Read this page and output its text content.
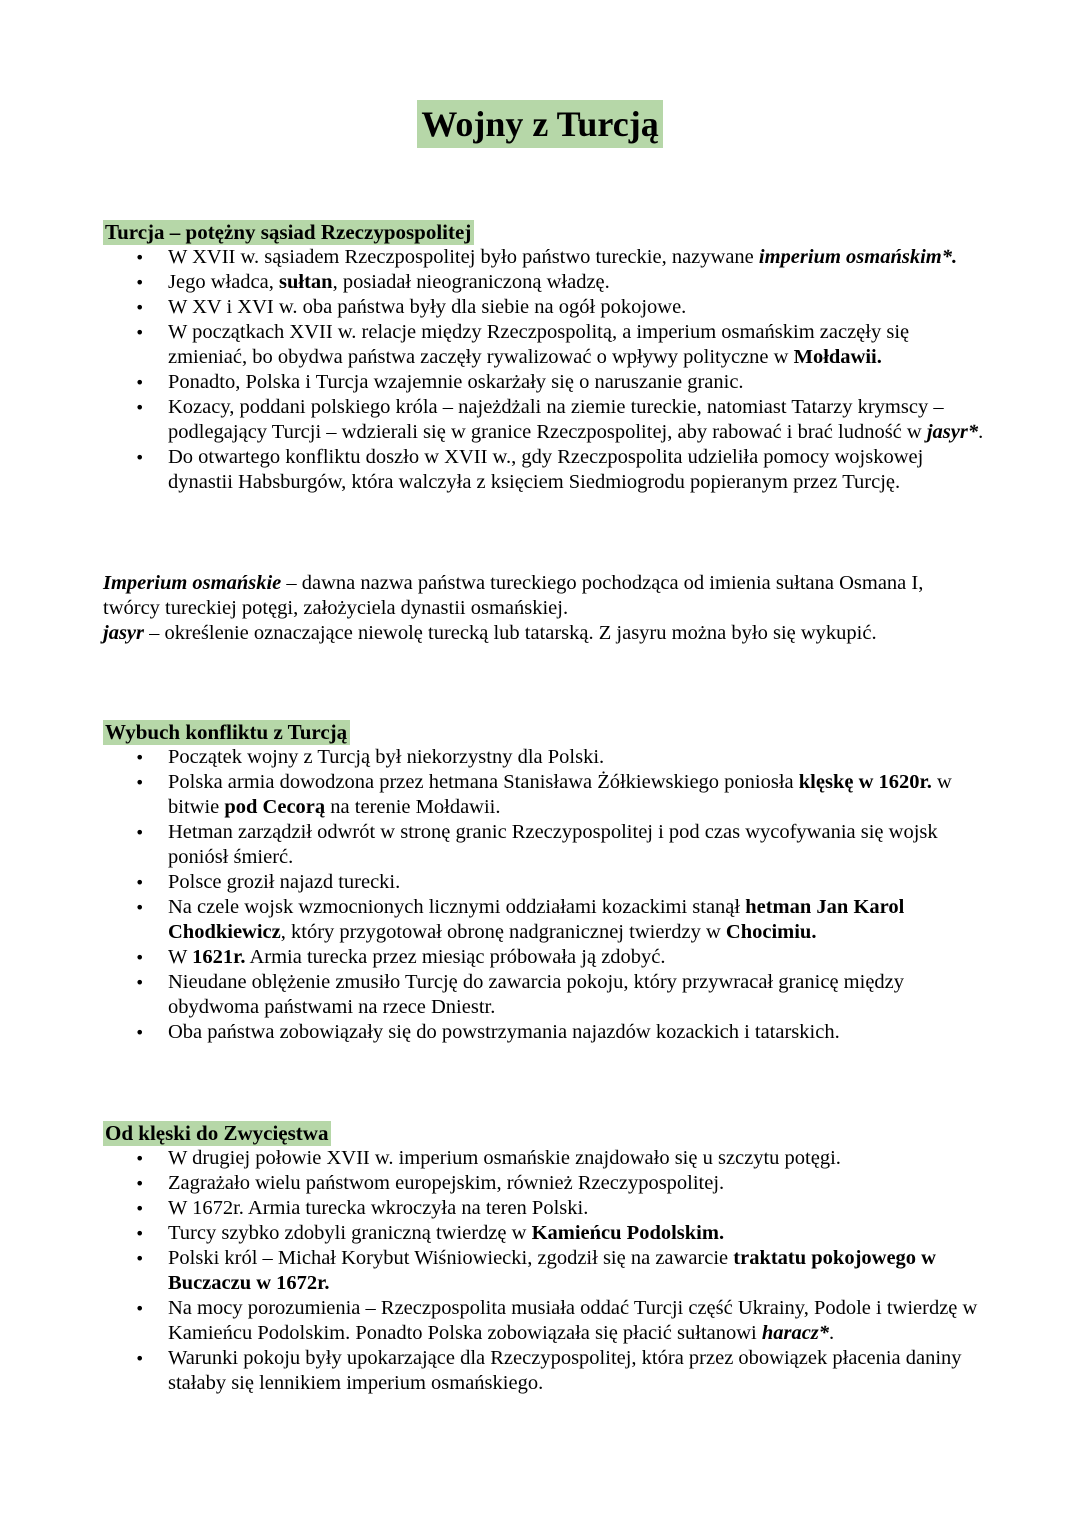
Wojny z Turcją
Turcja – potężny sąsiad Rzeczypospolitej
• W XVII w. sąsiadem Rzeczpospolitej było państwo tureckie, nazywane imperium osmańskim*.
• Jego władca, sułtan, posiadał nieograniczoną władzę.
• W XV i XVI w. oba państwa były dla siebie na ogół pokojowe.
• W początkach XVII w. relacje między Rzeczpospolitą, a imperium osmańskim zaczęły się zmieniać, bo obydwa państwa zaczęły rywalizować o wpływy polityczne w Mołdawii.
• Ponadto, Polska i Turcja wzajemnie oskarżały się o naruszanie granic.
• Kozacy, poddani polskiego króla – najeżdżali na ziemie tureckie, natomiast Tatarzy krymscy – podlegający Turcji – wdzierali się w granice Rzeczpospolitej, aby rabować i brać ludność w jasyr*.
• Do otwartego konfliktu doszło w XVII w., gdy Rzeczpospolita udzieliła pomocy wojskowej dynastii Habsburgów, która walczyła z księciem Siedmiogrodu popieranym przez Turcję.

Imperium osmańskie – dawna nazwa państwa tureckiego pochodząca od imienia sułtana Osmana I, twórcy tureckiej potęgi, założyciela dynastii osmańskiej.

jasyr – określenie oznaczające niewolę turecką lub tatarską. Z jasyru można było się wykupić.

Wybuch konfliktu z Turcją
• Początek wojny z Turcją był niekorzystny dla Polski.
• Polska armia dowodzona przez hetmana Stanisława Żółkiewskiego poniosła klęskę w 1620r. w bitwie pod Cecorą na terenie Mołdawii.
• Hetman zarządził odwrót w stronę granic Rzeczypospolitej i pod czas wycofywania się wojsk poniósł śmierć.
• Polsce groził najazd turecki.
• Na czele wojsk wzmocnionych licznymi oddziałami kozackimi stanął hetman Jan Karol Chodkiewicz, który przygotował obronę nadgranicznej twierdzy w Chocimiu.
• W 1621r. Armia turecka przez miesiąc próbowała ją zdobyć.
• Nieudane oblężenie zmusiło Turcję do zawarcia pokoju, który przywracał granicę między obydwoma państwami na rzece Dniestr.
• Oba państwa zobowiązały się do powstrzymania najazdów kozackich i tatarskich.
Od klęski do Zwycięstwa
• W drugiej połowie XVII w. imperium osmańskie znajdowało się u szczytu potęgi.
• Zagrażało wielu państwom europejskim, również Rzeczypospolitej.
• W 1672r. Armia turecka wkroczyła na teren Polski.
• Turcy szybko zdobyli graniczną twierdzę w Kamieńcu Podolskim.
• Polski król – Michał Korybut Wiśniowiecki, zgodził się na zawarcie traktatu pokojowego w Buczaczu w 1672r.
• Na mocy porozumienia – Rzeczpospolita musiała oddać Turcji część Ukrainy, Podole i twierdzę w Kamieńcu Podolskim. Ponadto Polska zobowiązała się płacić sułtanowi haracz*.
• Warunki pokoju były upokarzające dla Rzeczypospolitej, która przez obowiązek płacenia daniny stałaby się lennikiem imperium osmańskiego.
